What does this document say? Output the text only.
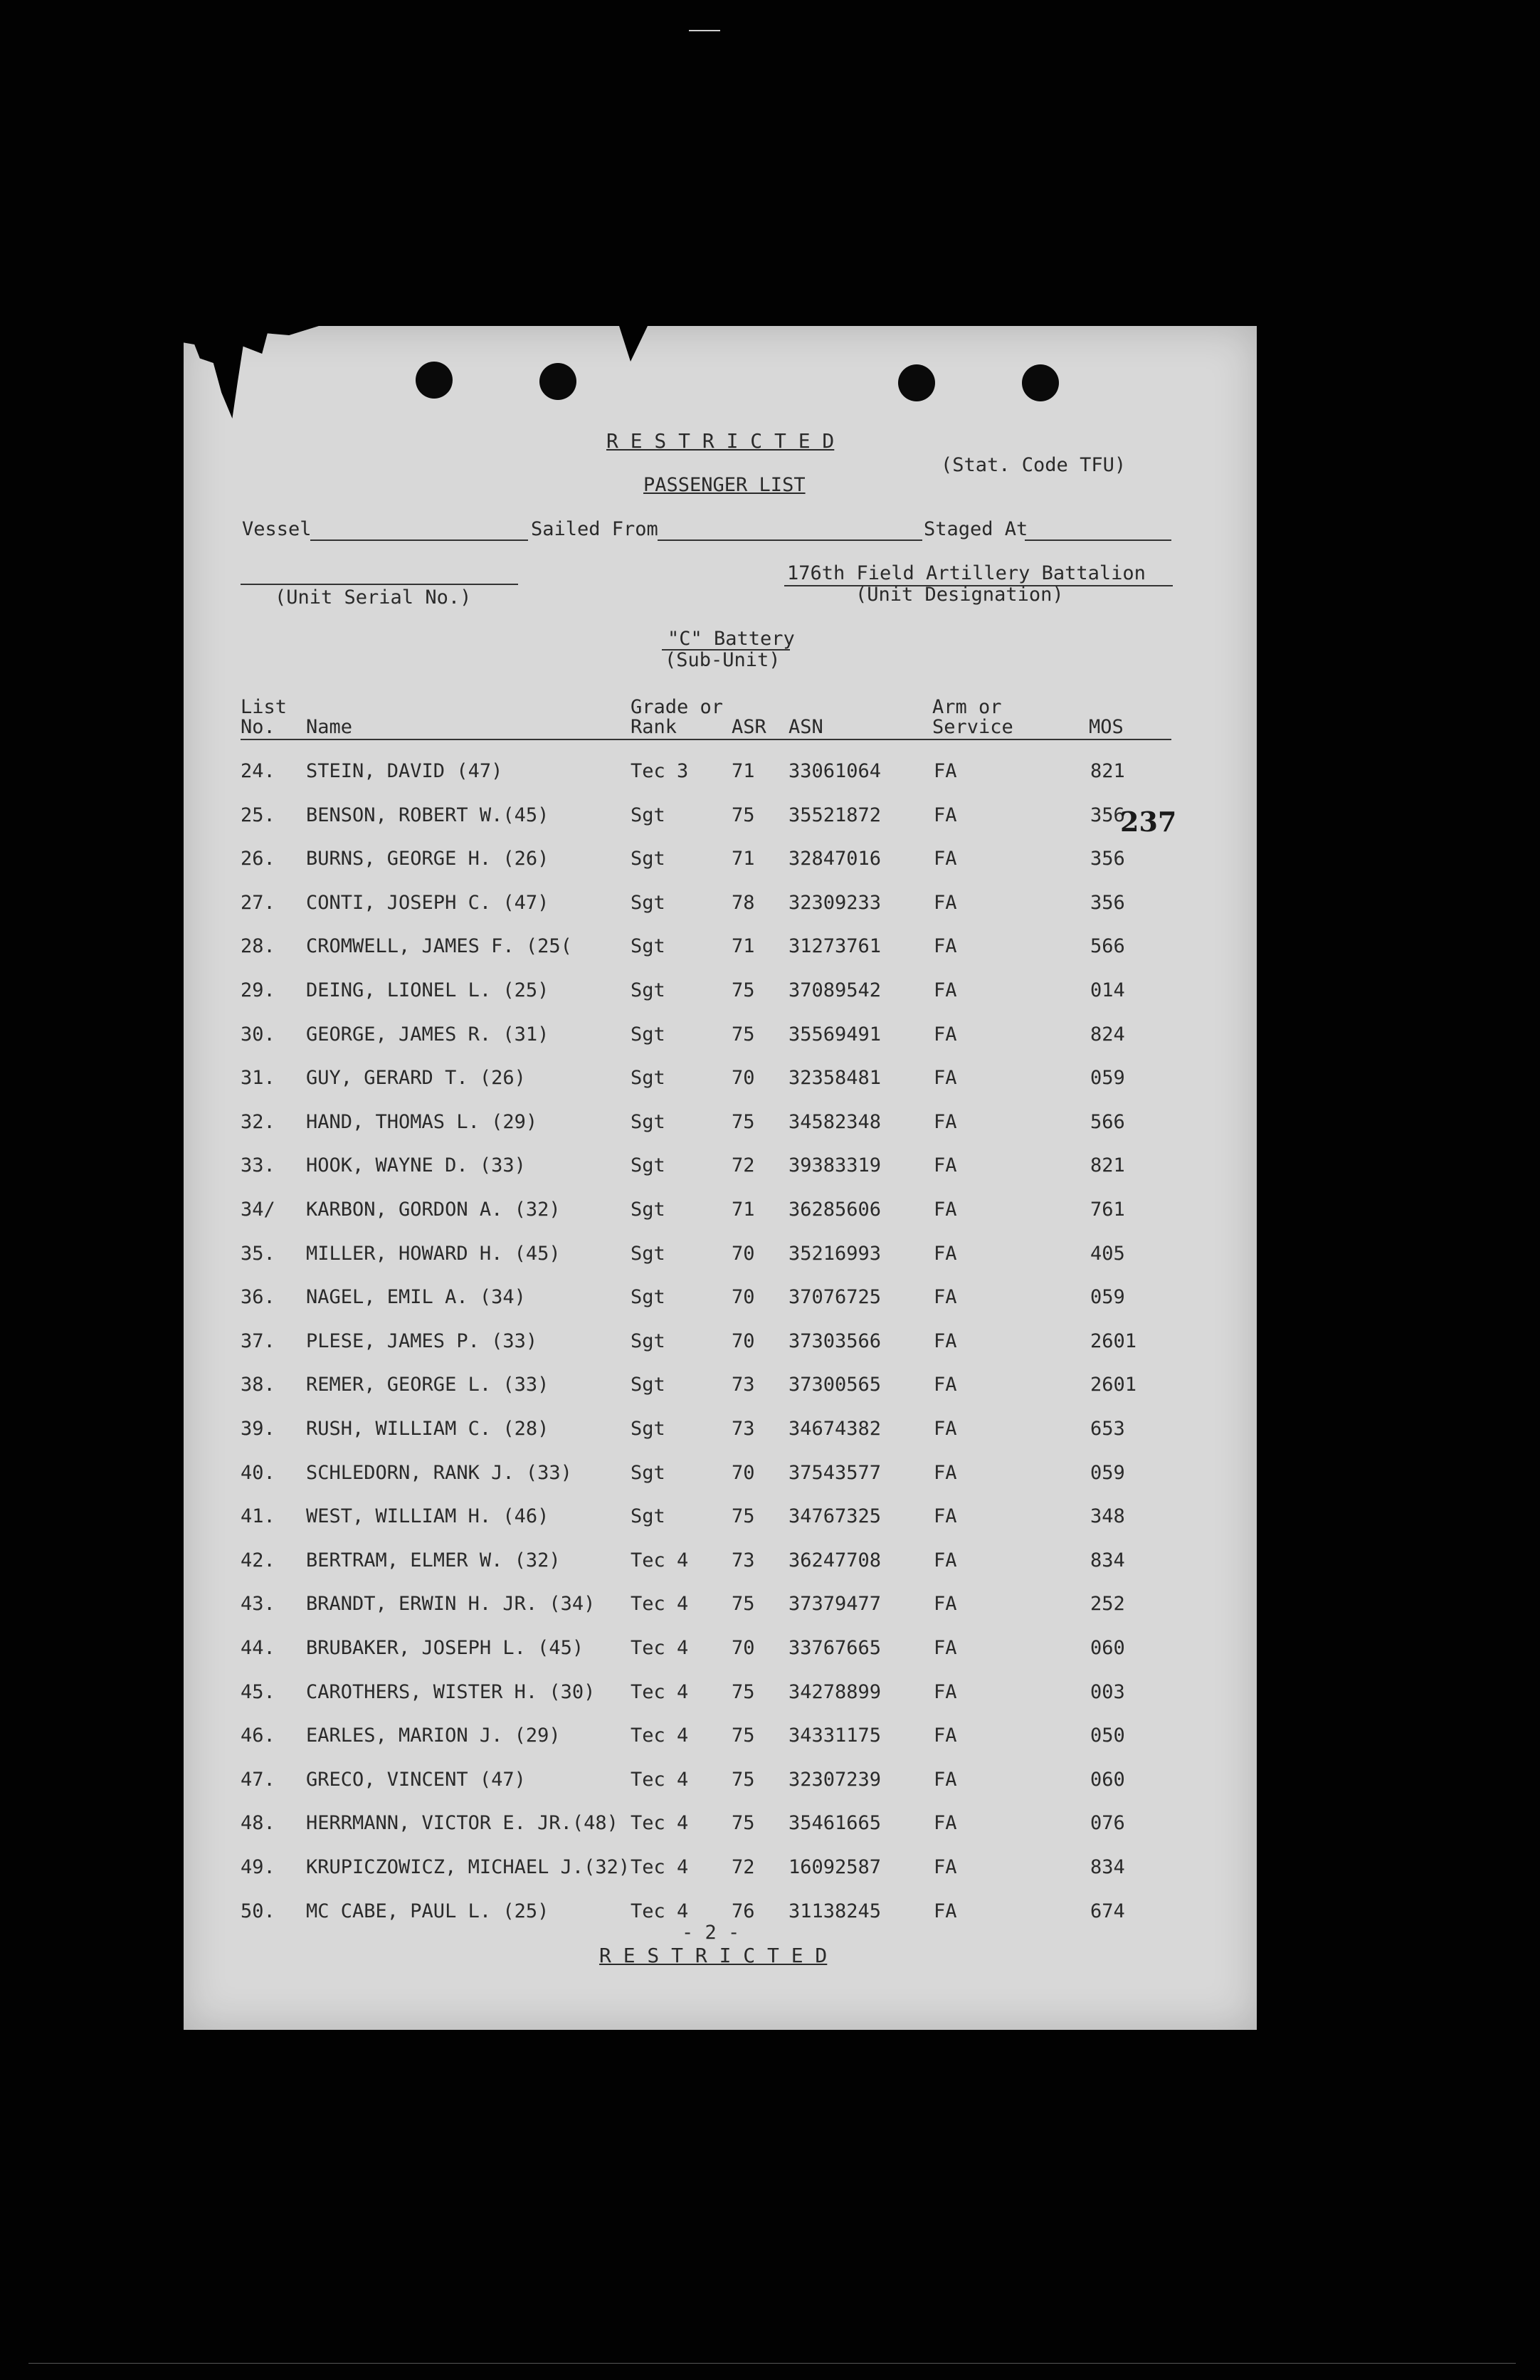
R E S T R I C T E D
PASSENGER LIST
(Stat. Code TFU)
Vessel	Sailed From	Staged At
(Unit Serial No.)
176th Field Artillery Battalion
(Unit Designation)
"C" Battery
(Sub-Unit)
List
No. Name
Grade or
Rank	ASR ASN
Arm or
Service	MOS
24. STEIN, DAVID (47)	Tec 3 71 33061064	FA	821
25. BENSON, ROBERT W.(45)	Sgt	75 35521872	FA	356
26. BURNS, GEORGE H. (26)	Sgt	71 32847016	FA	356
27. CONTI, JOSEPH C. (47)	Sgt	78 32309233	FA	356
28. CROMWELL, JAMES F. (25(	Sgt	71 31273761	FA	566
29. DEING, LIONEL L. (25)	Sgt	75 37089542	FA	014
30. GEORGE, JAMES R. (31)	Sgt	75 35569491	FA	824
31. GUY, GERARD T. (26)	Sgt	70 32358481	FA	059
32. HAND, THOMAS L. (29)	Sgt	75 34582348	FA	566
33. HOOK, WAYNE D. (33)	Sgt	72 39383319	FA	821
34/ KARBON, GORDON A. (32)	Sgt	71 36285606	FA	761
35. MILLER, HOWARD H. (45)	Sgt	70 35216993	FA	405
36. NAGEL, EMIL A. (34)	Sgt	70 37076725	FA	059
37. PLESE, JAMES P. (33)	Sgt	70 37303566	FA	2601
38. REMER, GEORGE L. (33)	Sgt	73 37300565	FA	2601
39. RUSH, WILLIAM C. (28)	Sgt	73 34674382	FA	653
40. SCHLEDORN, RANK J. (33)	Sgt	70 37543577	FA	059
41. WEST, WILLIAM H. (46)	Sgt	75 34767325	FA	348
42. BERTRAM, ELMER W. (32)	Tec 4 73 36247708	FA	834
43. BRANDT, ERWIN H. JR. (34) Tec 4 75 37379477	FA	252
44. BRUBAKER, JOSEPH L. (45) Tec 4 70 33767665	FA	060
45. CAROTHERS, WISTER H. (30) Tec 4 75 34278899	FA	003
46. EARLES, MARION J. (29)	Tec 4 75 34331175	FA	050
47. GRECO, VINCENT (47)	Tec 4 75 32307239	FA	060
48. HERRMANN, VICTOR E. JR.(48) Tec 4 75 35461665	FA	076
49. KRUPICZOWICZ, MICHAEL J.(32) Tec 4 72 16092587	FA	834
50. MC CABE, PAUL L. (25)	Tec 4 76 31138245	FA	674
237
- 2 -
R E S T R I C T E D
